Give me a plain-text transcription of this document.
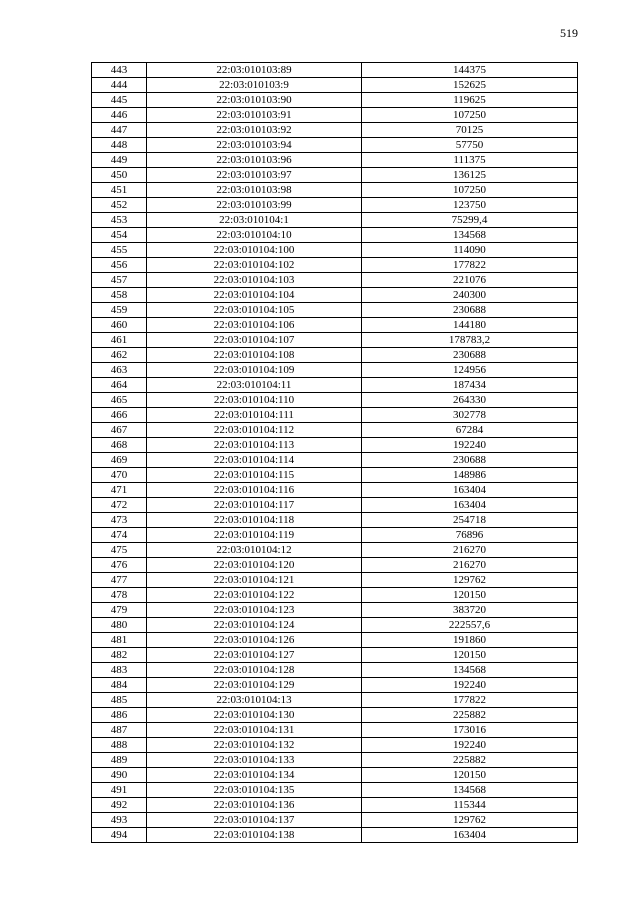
519
443	22:03:010103:89	144375
444	22:03:010103:9	152625
445	22:03:010103:90	119625
446	22:03:010103:91	107250
447	22:03:010103:92	70125
448	22:03:010103:94	57750
449	22:03:010103:96	111375
450	22:03:010103:97	136125
451	22:03:010103:98	107250
452	22:03:010103:99	123750
453	22:03:010104:1	75299,4
454	22:03:010104:10	134568
455	22:03:010104:100	114090
456	22:03:010104:102	177822
457	22:03:010104:103	221076
458	22:03:010104:104	240300
459	22:03:010104:105	230688
460	22:03:010104:106	144180
461	22:03:010104:107	178783,2
462	22:03:010104:108	230688
463	22:03:010104:109	124956
464	22:03:010104:11	187434
465	22:03:010104:110	264330
466	22:03:010104:111	302778
467	22:03:010104:112	67284
468	22:03:010104:113	192240
469	22:03:010104:114	230688
470	22:03:010104:115	148986
471	22:03:010104:116	163404
472	22:03:010104:117	163404
473	22:03:010104:118	254718
474	22:03:010104:119	76896
475	22:03:010104:12	216270
476	22:03:010104:120	216270
477	22:03:010104:121	129762
478	22:03:010104:122	120150
479	22:03:010104:123	383720
480	22:03:010104:124	222557,6
481	22:03:010104:126	191860
482	22:03:010104:127	120150
483	22:03:010104:128	134568
484	22:03:010104:129	192240
485	22:03:010104:13	177822
486	22:03:010104:130	225882
487	22:03:010104:131	173016
488	22:03:010104:132	192240
489	22:03:010104:133	225882
490	22:03:010104:134	120150
491	22:03:010104:135	134568
492	22:03:010104:136	115344
493	22:03:010104:137	129762
494	22:03:010104:138	163404
